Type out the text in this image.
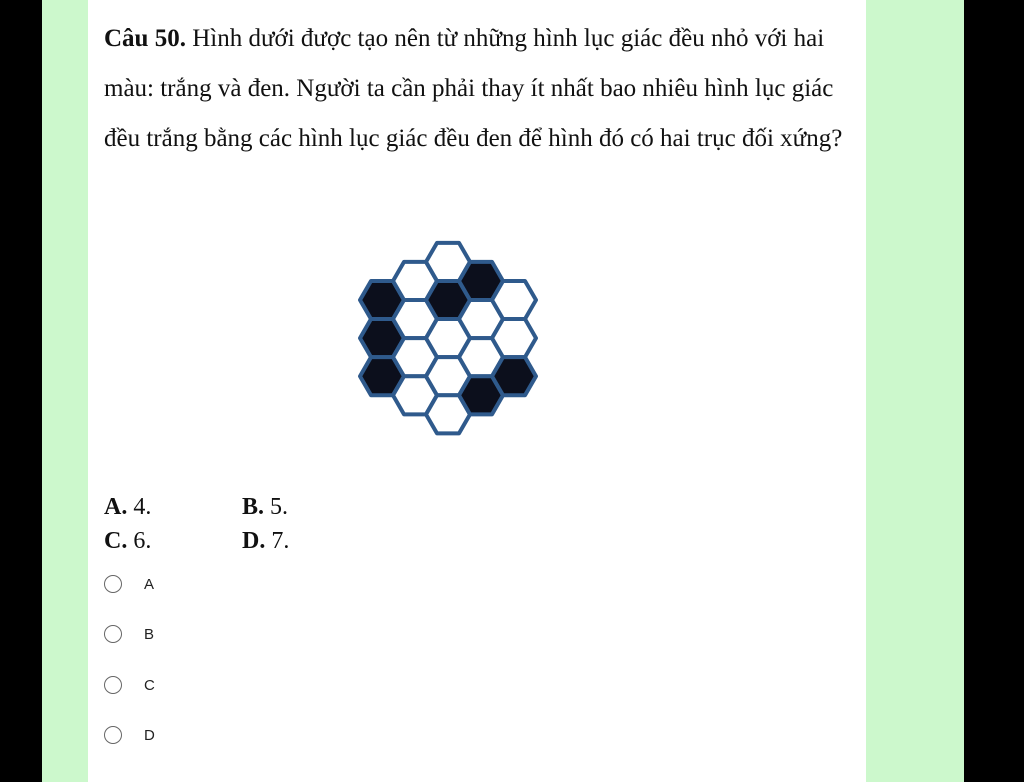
Câu 50. Hình dưới được tạo nên từ những hình lục giác đều nhỏ với hai màu: trắng và đen. Người ta cần phải thay ít nhất bao nhiêu hình lục giác đều trắng bằng các hình lục giác đều đen để hình đó có hai trục đối xứng?

A. 4.	B. 5.
C. 6.	D. 7.
A
B
C
D
